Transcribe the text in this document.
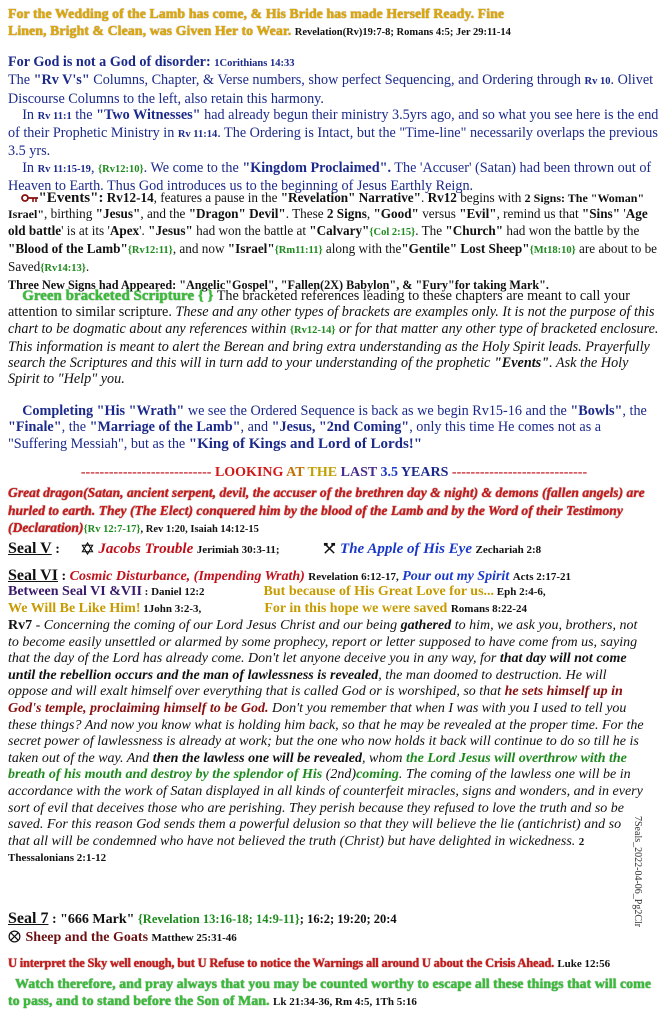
For the Wedding of the Lamb has come, & His Bride has made Herself Ready. Fine
Linen, Bright & Clean, was Given Her to Wear. Revelation(Rv)19:7-8; Romans 4:5; Jer 29:11-14

For God is not a God of disorder: 1Corithians 14:33

The "Rv V's" Columns, Chapter, & Verse numbers, show perfect Sequencing, and Ordering through Rv 10. Olivet Discourse Columns to the left, also retain this harmony.

In Rv 11:1 the "Two Witnesses" had already begun their ministry 3.5yrs ago, and so what you see here is the end of their Prophetic Ministry in Rv 11:14. The Ordering is Intact, but the "Time-line" necessarily overlaps the previous 3.5 yrs.

In Rv 11:15-19, {Rv12:10}. We come to the "Kingdom Proclaimed". The 'Accuser' (Satan) had been thrown out of Heaven to Earth. Thus God introduces us to the beginning of Jesus Earthly Reign.

"Events": Rv12-14, features a pause in the "Revelation" Narrative". Rv12 begins with 2 Signs: The "Woman" Israel", birthing "Jesus", and the "Dragon" Devil". These 2 Signs, "Good" versus "Evil", remind us that "Sins" 'Age old battle' is at its 'Apex'. "Jesus" had won the battle at "Calvary"{Col 2:15}. The "Church" had won the battle by the "Blood of the Lamb"{Rv12:11}, and now "Israel"{Rm11:11} along with the"Gentile" Lost Sheep"{Mt18:10} are about to be Saved{Rv14:13}.

Three New Signs had Appeared: "Angelic"Gospel", "Fallen(2X) Babylon", & "Fury"for taking Mark".

Green bracketed Scripture { } The bracketed references leading to these chapters are meant to call your attention to similar scripture. These and any other types of brackets are examples only. It is not the purpose of this chart to be dogmatic about any references within {Rv12-14} or for that matter any other type of bracketed enclosure. This information is meant to alert the Berean and bring extra understanding as the Holy Spirit leads. Prayerfully search the Scriptures and this will in turn add to your understanding of the prophetic "Events". Ask the Holy Spirit to "Help" you.

Completing "His "Wrath" we see the Ordered Sequence is back as we begin Rv15-16 and the "Bowls", the "Finale", the "Marriage of the Lamb", and "Jesus, "2nd Coming", only this time He comes not as a "Suffering Messiah", but as the "King of Kings and Lord of Lords!"

---------------------------- LOOKING AT THE LAST 3.5 YEARS -----------------------------
Great dragon(Satan, ancient serpent, devil, the accuser of the brethren day & night) & demons (fallen angels) are hurled to earth. They (The Elect) conquered him by the blood of the Lamb and by the Word of their Testimony (Declaration){Rv 12:7-17}, Rev 1:20, Isaiah 14:12-15
Seal V :	Jacobs Trouble Jerimiah 30:3-11;	The Apple of His Eye Zechariah 2:8
Seal VI : Cosmic Disturbance, (Impending Wrath) Revelation 6:12-17, Pour out my Spirit Acts 2:17-21
Between Seal VI &VII : Daniel 12:2	But because of His Great Love for us... Eph 2:4-6,
We Will Be Like Him! 1John 3:2-3,	For in this hope we were saved Romans 8:22-24
Rv7 - Concerning the coming of our Lord Jesus Christ and our being gathered to him, we ask you, brothers, not to become easily unsettled or alarmed by some prophecy, report or letter supposed to have come from us, saying that the day of the Lord has already come. Don't let anyone deceive you in any way, for that day will not come until the rebellion occurs and the man of lawlessness is revealed, the man doomed to destruction. He will oppose and will exalt himself over everything that is called God or is worshiped, so that he sets himself up in God's temple, proclaiming himself to be God. Don't you remember that when I was with you I used to tell you these things? And now you know what is holding him back, so that he may be revealed at the proper time. For the secret power of lawlessness is already at work; but the one who now holds it back will continue to do so till he is taken out of the way. And then the lawless one will be revealed, whom the Lord Jesus will overthrow with the breath of his mouth and destroy by the splendor of His (2nd)coming. The coming of the lawless one will be in accordance with the work of Satan displayed in all kinds of counterfeit miracles, signs and wonders, and in every sort of evil that deceives those who are perishing. They perish because they refused to love the truth and so be saved. For this reason God sends them a powerful delusion so that they will believe the lie (antichrist) and so that all will be condemned who have not believed the truth (Christ) but have delighted in wickedness. 2 Thessalonians 2:1-12
Seal 7 : "666 Mark" {Revelation 13:16-18; 14:9-11}; 16:2; 19:20; 20:4
Sheep and the Goats Matthew 25:31-46
U interpret the Sky well enough, but U Refuse to notice the Warnings all around U about the Crisis Ahead. Luke 12:56
Watch therefore, and pray always that you may be counted worthy to escape all these things that will come to pass, and to stand before the Son of Man. Lk 21:34-36, Rm 4:5, 1Th 5:16
7Seals_2022-04-06_Pg2Clr
